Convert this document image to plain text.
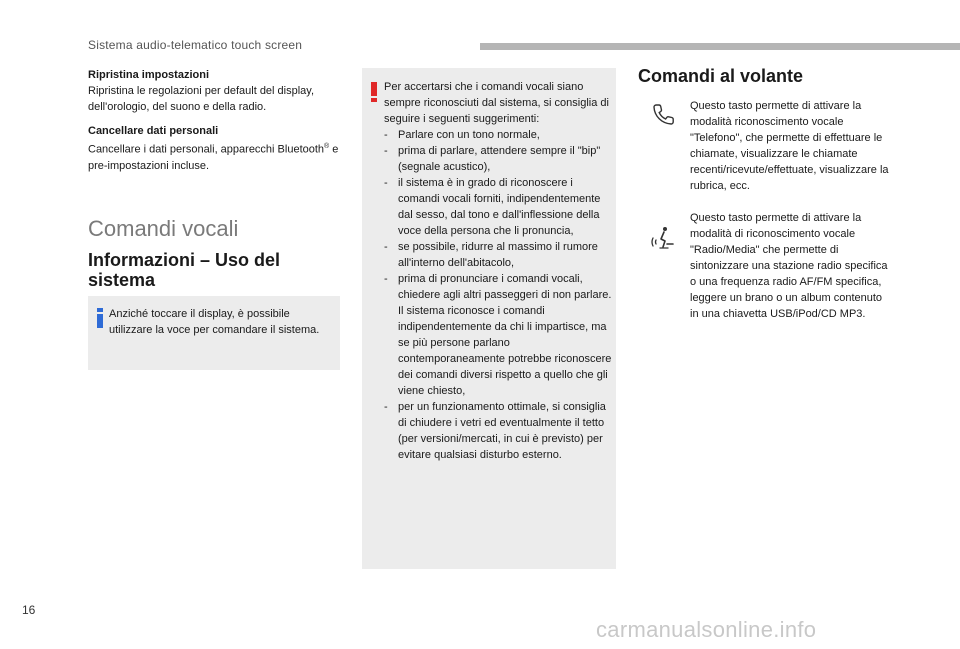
Sistema audio-telematico touch screen
Ripristina impostazioni
Ripristina le regolazioni per default del display, dell'orologio, del suono e della radio.
Cancellare dati personali
Cancellare i dati personali, apparecchi Bluetooth® e pre-impostazioni incluse.
Comandi vocali
Informazioni – Uso del sistema
Anziché toccare il display, è possibile utilizzare la voce per comandare il sistema.
Per accertarsi che i comandi vocali siano sempre riconosciuti dal sistema, si consiglia di seguire i seguenti suggerimenti:
- Parlare con un tono normale,
- prima di parlare, attendere sempre il "bip" (segnale acustico),
- il sistema è in grado di riconoscere i comandi vocali forniti, indipendentemente dal sesso, dal tono e dall'inflessione della voce della persona che li pronuncia,
- se possibile, ridurre al massimo il rumore all'interno dell'abitacolo,
- prima di pronunciare i comandi vocali, chiedere agli altri passeggeri di non parlare. Il sistema riconosce i comandi indipendentemente da chi li impartisce, ma se più persone parlano contemporaneamente potrebbe riconoscere dei comandi diversi rispetto a quello che gli viene chiesto,
- per un funzionamento ottimale, si consiglia di chiudere i vetri ed eventualmente il tetto (per versioni/mercati, in cui è previsto) per evitare qualsiasi disturbo esterno.
Comandi al volante
Questo tasto permette di attivare la modalità riconoscimento vocale "Telefono", che permette di effettuare le chiamate, visualizzare le chiamate recenti/ricevute/effettuate, visualizzare la rubrica, ecc.
Questo tasto permette di attivare la modalità di riconoscimento vocale "Radio/Media" che permette di sintonizzare una stazione radio specifica o una frequenza radio AF/FM specifica, leggere un brano o un album contenuto in una chiavetta USB/iPod/CD MP3.
16
carmanualsonline.info
